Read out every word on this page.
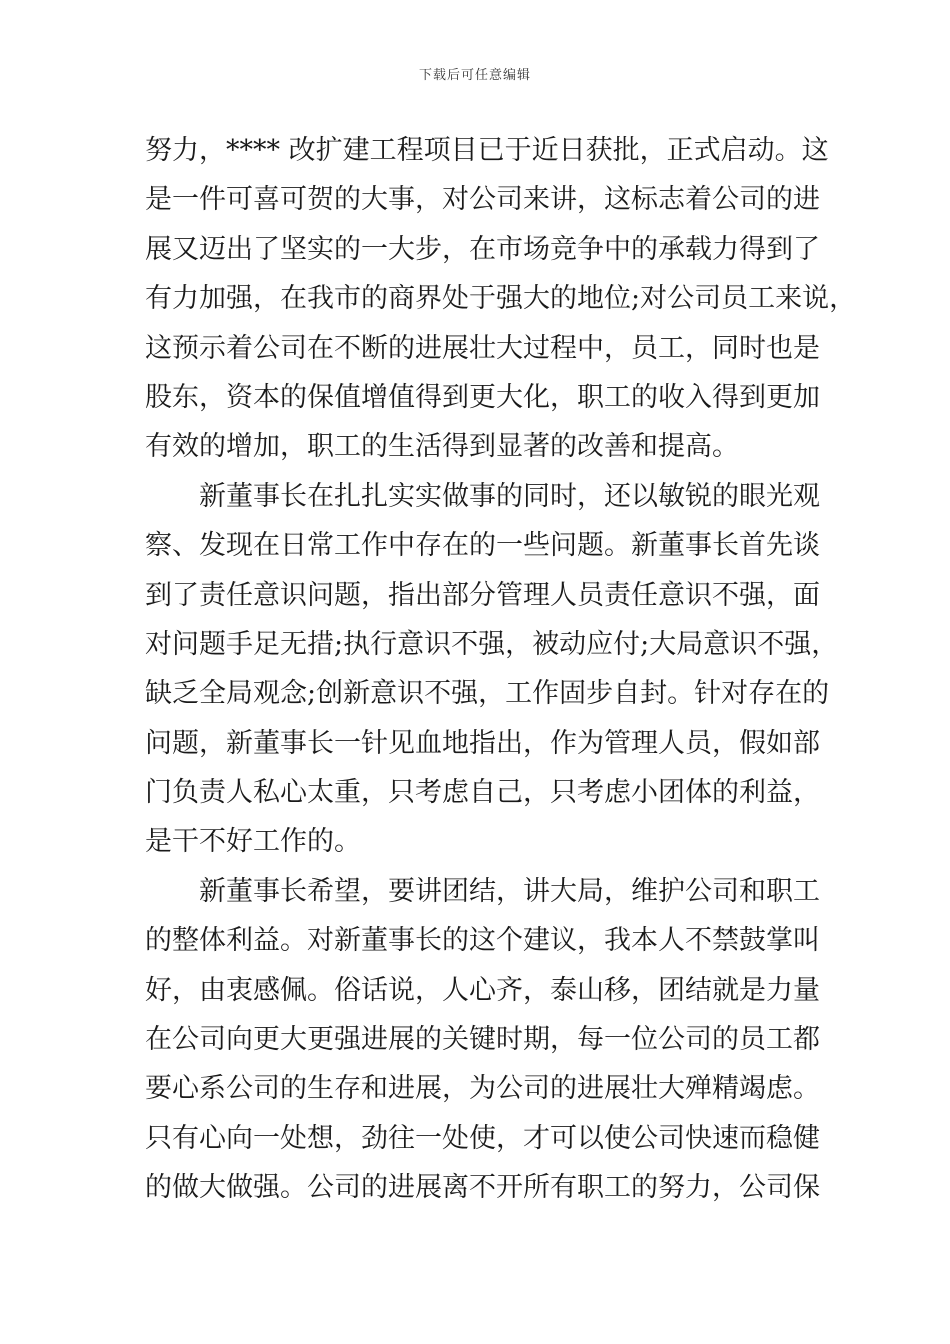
下载后可任意编辑
努力，**** 改扩建工程项目已于近日获批，正式启动。这
是一件可喜可贺的大事，对公司来讲，这标志着公司的进
展又迈出了坚实的一大步，在市场竞争中的承载力得到了
有力加强，在我市的商界处于强大的地位;对公司员工来说，
这预示着公司在不断的进展壮大过程中，员工，同时也是
股东，资本的保值增值得到更大化，职工的收入得到更加
有效的增加，职工的生活得到显著的改善和提高。
新董事长在扎扎实实做事的同时，还以敏锐的眼光观
察、发现在日常工作中存在的一些问题。新董事长首先谈
到了责任意识问题，指出部分管理人员责任意识不强，面
对问题手足无措;执行意识不强，被动应付;大局意识不强，
缺乏全局观念;创新意识不强，工作固步自封。针对存在的
问题，新董事长一针见血地指出，作为管理人员，假如部
门负责人私心太重，只考虑自己，只考虑小团体的利益，
是干不好工作的。
新董事长希望，要讲团结，讲大局，维护公司和职工
的整体利益。对新董事长的这个建议，我本人不禁鼓掌叫
好，由衷感佩。俗话说，人心齐，泰山移，团结就是力量
在公司向更大更强进展的关键时期，每一位公司的员工都
要心系公司的生存和进展，为公司的进展壮大殚精竭虑。
只有心向一处想，劲往一处使，才可以使公司快速而稳健
的做大做强。公司的进展离不开所有职工的努力，公司保
